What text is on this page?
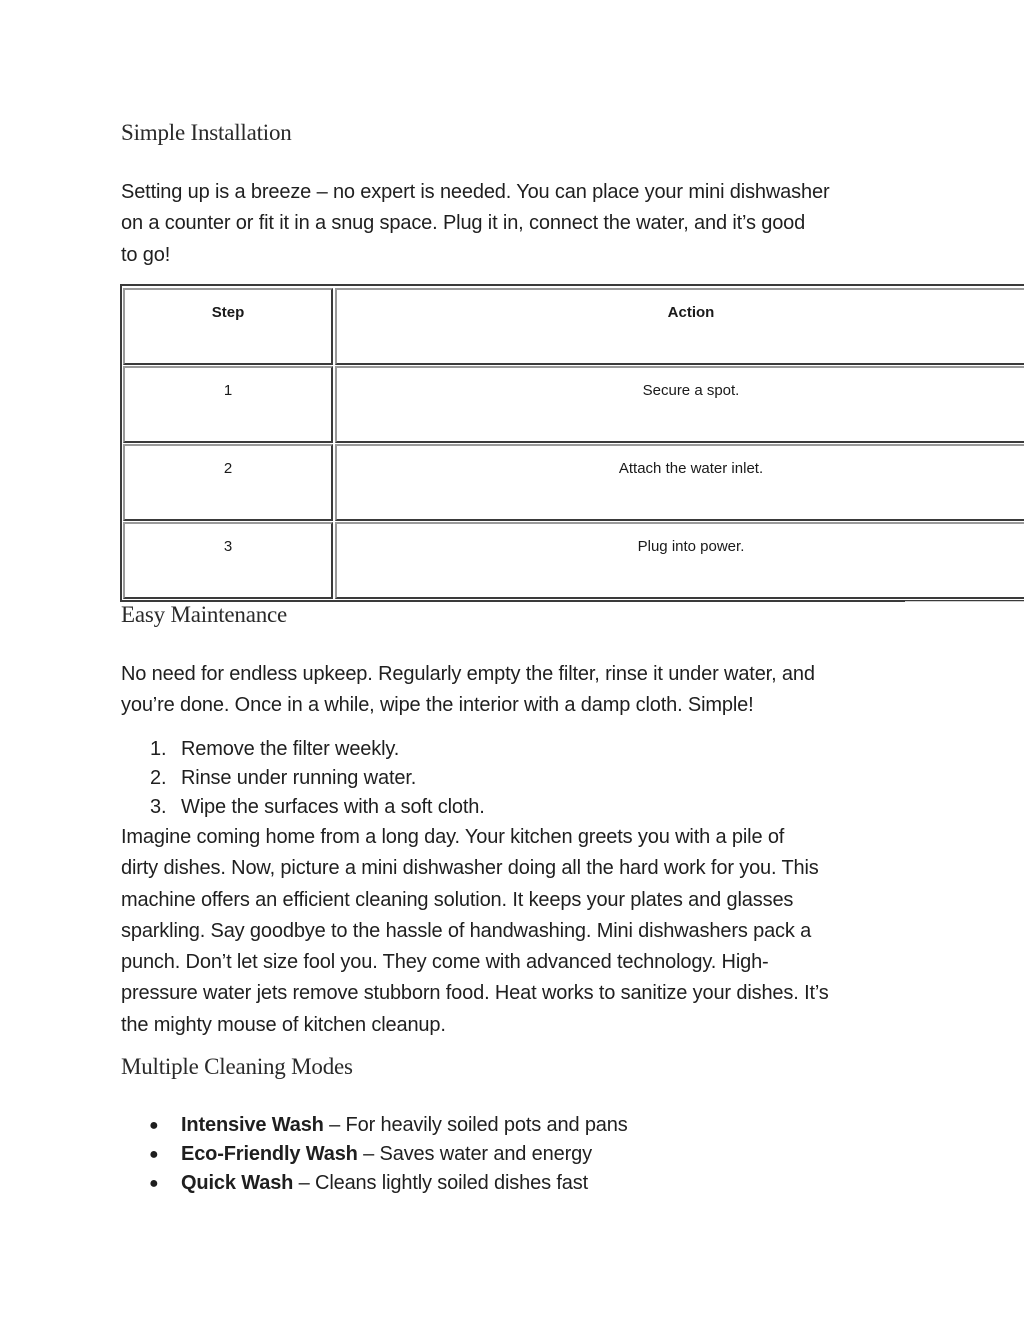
Simple Installation

Setting up is a breeze – no expert is needed. You can place your mini dishwasher
on a counter or fit it in a snug space. Plug it in, connect the water, and it’s good
to go!

Step	Action
1	Secure a spot.
2	Attach the water inlet.
3	Plug into power.
Easy Maintenance

No need for endless upkeep. Regularly empty the filter, rinse it under water, and
you’re done. Once in a while, wipe the interior with a damp cloth. Simple!

1. Remove the filter weekly.
2. Rinse under running water.
3. Wipe the surfaces with a soft cloth.

Imagine coming home from a long day. Your kitchen greets you with a pile of
dirty dishes. Now, picture a mini dishwasher doing all the hard work for you. This
machine offers an efficient cleaning solution. It keeps your plates and glasses
sparkling. Say goodbye to the hassle of handwashing. Mini dishwashers pack a
punch. Don’t let size fool you. They come with advanced technology. High-
pressure water jets remove stubborn food. Heat works to sanitize your dishes. It’s
the mighty mouse of kitchen cleanup.

Multiple Cleaning Modes
● Intensive Wash – For heavily soiled pots and pans
● Eco-Friendly Wash – Saves water and energy
● Quick Wash – Cleans lightly soiled dishes fast
